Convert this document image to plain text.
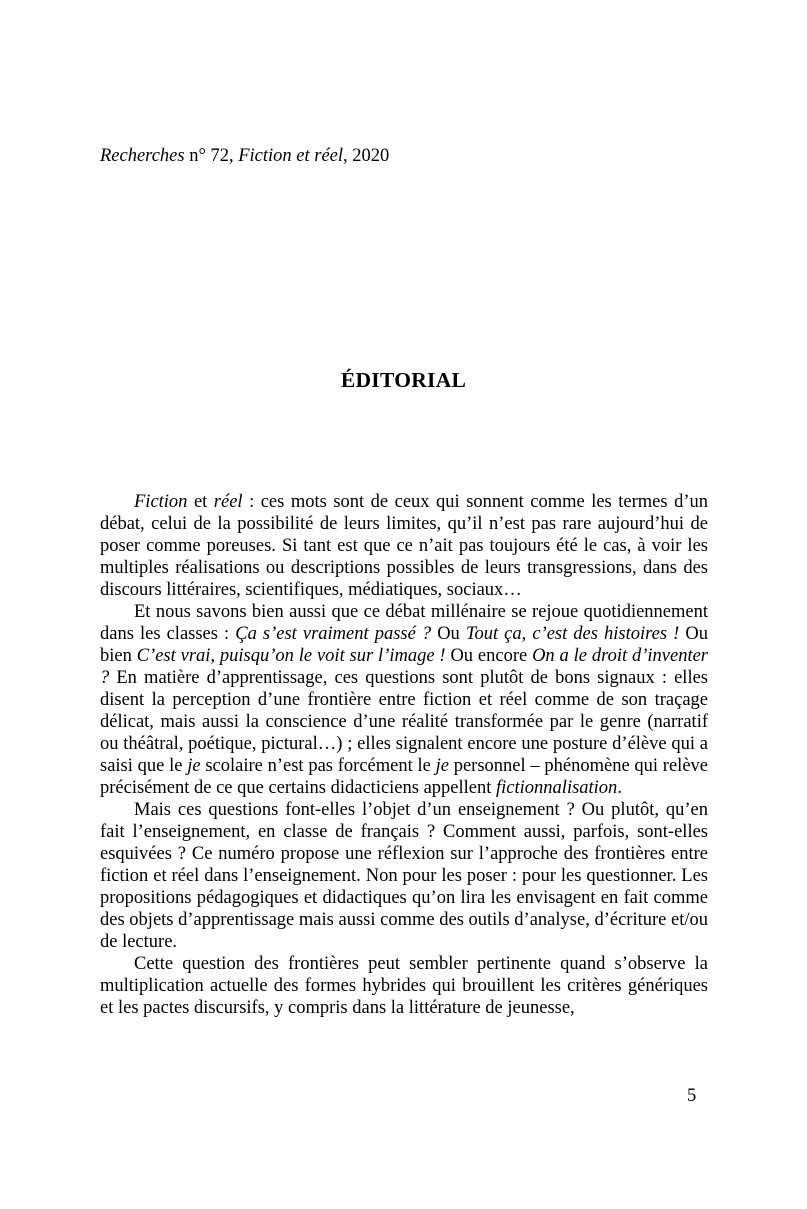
Recherches n° 72, Fiction et réel, 2020
ÉDITORIAL

Fiction et réel : ces mots sont de ceux qui sonnent comme les termes d’un débat, celui de la possibilité de leurs limites, qu’il n’est pas rare aujourd’hui de poser comme poreuses. Si tant est que ce n’ait pas toujours été le cas, à voir les multiples réalisations ou descriptions possibles de leurs transgressions, dans des discours littéraires, scientifiques, médiatiques, sociaux…

Et nous savons bien aussi que ce débat millénaire se rejoue quotidiennement dans les classes : Ça s’est vraiment passé ? Ou Tout ça, c’est des histoires ! Ou bien C’est vrai, puisqu’on le voit sur l’image ! Ou encore On a le droit d’inventer ? En matière d’apprentissage, ces questions sont plutôt de bons signaux : elles disent la perception d’une frontière entre fiction et réel comme de son traçage délicat, mais aussi la conscience d’une réalité transformée par le genre (narratif ou théâtral, poétique, pictural…) ; elles signalent encore une posture d’élève qui a saisi que le je scolaire n’est pas forcément le je personnel – phénomène qui relève précisément de ce que certains didacticiens appellent fictionnalisation.

Mais ces questions font-elles l’objet d’un enseignement ? Ou plutôt, qu’en fait l’enseignement, en classe de français ? Comment aussi, parfois, sont-elles esquivées ? Ce numéro propose une réflexion sur l’approche des frontières entre fiction et réel dans l’enseignement. Non pour les poser : pour les questionner. Les propositions pédagogiques et didactiques qu’on lira les envisagent en fait comme des objets d’apprentissage mais aussi comme des outils d’analyse, d’écriture et/ou de lecture.

Cette question des frontières peut sembler pertinente quand s’observe la multiplication actuelle des formes hybrides qui brouillent les critères génériques et les pactes discursifs, y compris dans la littérature de jeunesse,

5
